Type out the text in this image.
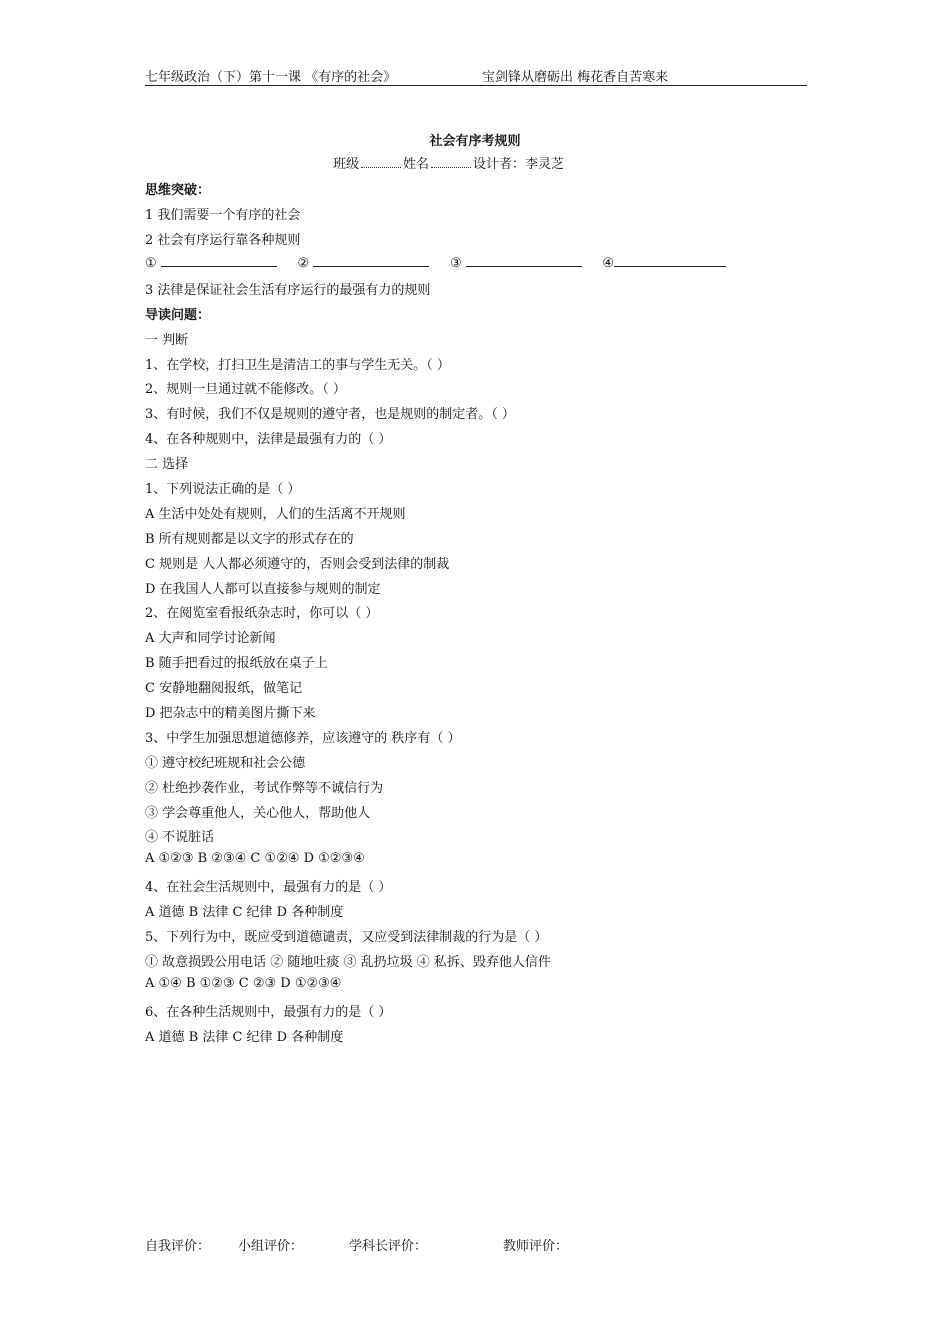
七年级政治（下）第十一课 《有序的社会》	宝剑锋从磨砺出 梅花香自苦寒来
社会有序考规则
班级	姓名	设计者：李灵芝
思维突破：
1 我们需要一个有序的社会
2 社会有序运行靠各种规则
①	②	③	④
3 法律是保证社会生活有序运行的最强有力的规则
导读问题：
一 判断
1、在学校，打扫卫生是清洁工的事与学生无关。（ ）
2、规则一旦通过就不能修改。（ ）
3、有时候，我们不仅是规则的遵守者，也是规则的制定者。（ ）
4、在各种规则中，法律是最强有力的（ ）
二 选择
1、下列说法正确的是（ ）
A 生活中处处有规则，人们的生活离不开规则
B 所有规则都是以文字的形式存在的
C 规则是 人人都必须遵守的，否则会受到法律的制裁
D 在我国人人都可以直接参与规则的制定
2、在阅览室看报纸杂志时，你可以（ ）
A 大声和同学讨论新闻
B 随手把看过的报纸放在桌子上
C 安静地翻阅报纸，做笔记
D 把杂志中的精美图片撕下来
3、中学生加强思想道德修养，应该遵守的 秩序有（ ）
① 遵守校纪班规和社会公德
② 杜绝抄袭作业，考试作弊等不诚信行为
③ 学会尊重他人，关心他人，帮助他人
④ 不说脏话
A ①②③ B ②③④ C ①②④ D ①②③④
4、在社会生活规则中，最强有力的是（ ）
A 道德 B 法律 C 纪律 D 各种制度
5、下列行为中，既应受到道德谴责，又应受到法律制裁的行为是（ ）
① 故意损毁公用电话 ② 随地吐痰 ③ 乱扔垃圾 ④ 私拆、毁弃他人信件
A ①④ B ①②③ C ②③ D ①②③④
6、在各种生活规则中，最强有力的是（ ）
A 道德 B 法律 C 纪律 D 各种制度
自我评价： 小组评价：	学科长评价：	教师评价：
